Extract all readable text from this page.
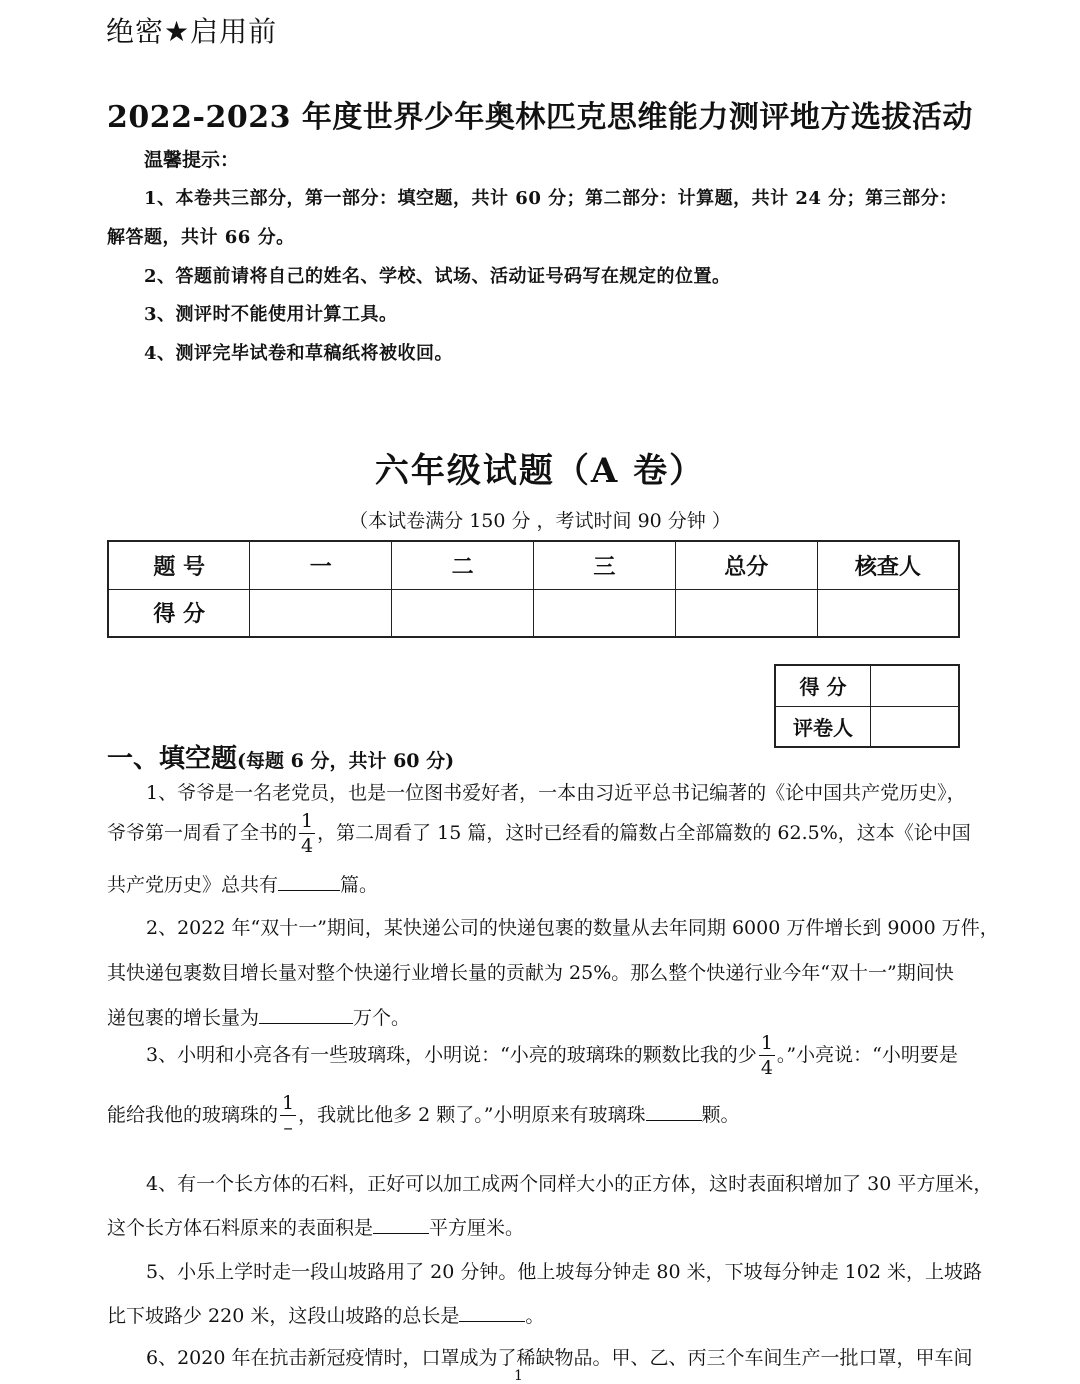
绝密★启用前
2022-2023 年度世界少年奥林匹克思维能力测评地方选拔活动
温馨提示：
1、本卷共三部分，第一部分：填空题，共计 60 分；第二部分：计算题，共计 24 分；第三部分：
解答题，共计 66 分。
2、答题前请将自己的姓名、学校、试场、活动证号码写在规定的位置。
3、测评时不能使用计算工具。
4、测评完毕试卷和草稿纸将被收回。
六年级试题（A 卷）
（本试卷满分 150 分 ，考试时间 90 分钟 ）
题 号	一	二	三	总分	核查人
得 分					
得 分	
评卷人	
一、填空题(每题 6 分，共计 60 分)
1、爷爷是一名老党员，也是一位图书爱好者，一本由习近平总书记编著的《论中国共产党历史》，
爷爷第一周看了全书的 $\frac{1}{4}$ ，第二周看了 15 篇，这时已经看的篇数占全部篇数的 62.5%，这本《论中国
共产党历史》总共有	篇。
2、2022 年“双十一”期间，某快递公司的快递包裹的数量从去年同期 6000 万件增长到 9000 万件，
其快递包裹数目增长量对整个快递行业增长量的贡献为 25%。那么整个快递行业今年“双十一”期间快
递包裹的增长量为	万个。
3、小明和小亮各有一些玻璃珠，小明说：“小亮的玻璃珠的颗数比我的少 $\frac{1}{4}$ 。”小亮说：“小明要是
能给我他的玻璃珠的 $\frac{1}{-}$ ，我就比他多 2 颗了。”小明原来有玻璃珠	颗。
4、有一个长方体的石料，正好可以加工成两个同样大小的正方体，这时表面积增加了 30 平方厘米，
这个长方体石料原来的表面积是	平方厘米。
5、小乐上学时走一段山坡路用了 20 分钟。他上坡每分钟走 80 米，下坡每分钟走 102 米，上坡路
比下坡路少 220 米，这段山坡路的总长是	。
6、2020 年在抗击新冠疫情时，口罩成为了稀缺物品。甲、乙、丙三个车间生产一批口罩，甲车间
1
